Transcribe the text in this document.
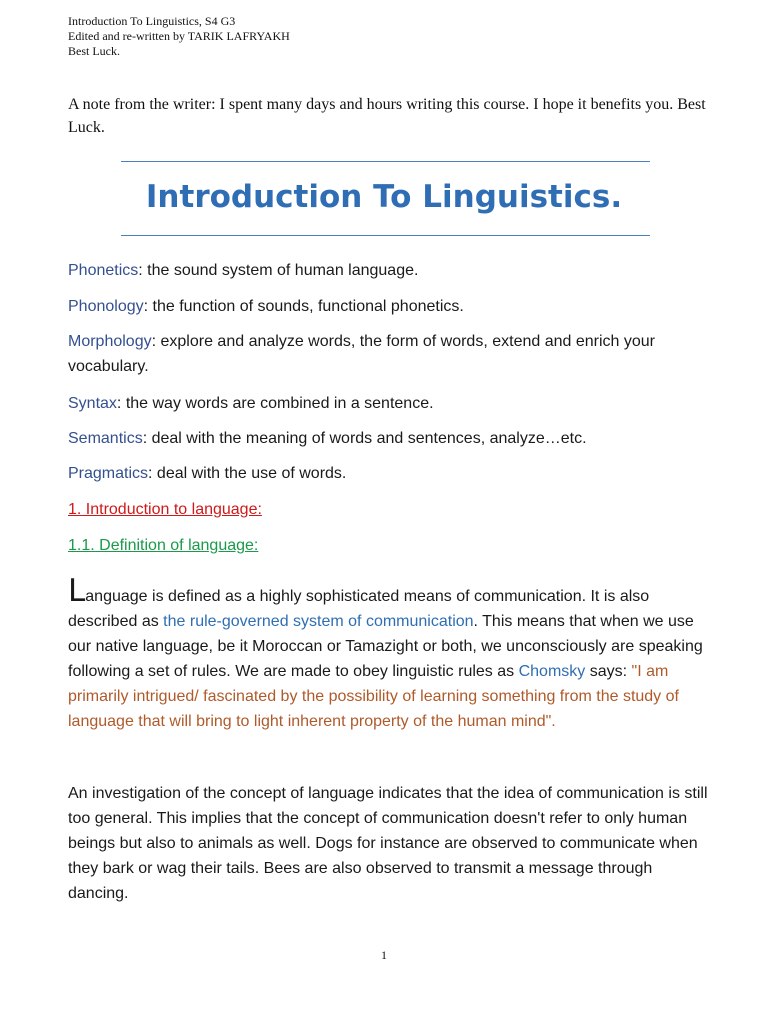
Introduction To Linguistics, S4 G3
Edited and re-written by TARIK LAFRYAKH
Best Luck.
A note from the writer: I spent many days and hours writing this course. I hope it benefits you. Best Luck.
Introduction To Linguistics.
Phonetics: the sound system of human language.
Phonology: the function of sounds, functional phonetics.
Morphology: explore and analyze words, the form of words, extend and enrich your vocabulary.
Syntax: the way words are combined in a sentence.
Semantics: deal with the meaning of words and sentences, analyze…etc.
Pragmatics: deal with the use of words.
1. Introduction to language:
1.1. Definition of language:
Language is defined as a highly sophisticated means of communication. It is also described as the rule-governed system of communication. This means that when we use our native language, be it Moroccan or Tamazight or both, we unconsciously are speaking following a set of rules. We are made to obey linguistic rules as Chomsky says: "I am primarily intrigued/ fascinated by the possibility of learning something from the study of language that will bring to light inherent property of the human mind".
An investigation of the concept of language indicates that the idea of communication is still too general. This implies that the concept of communication doesn't refer to only human beings but also to animals as well. Dogs for instance are observed to communicate when they bark or wag their tails. Bees are also observed to transmit a message through dancing.
1
